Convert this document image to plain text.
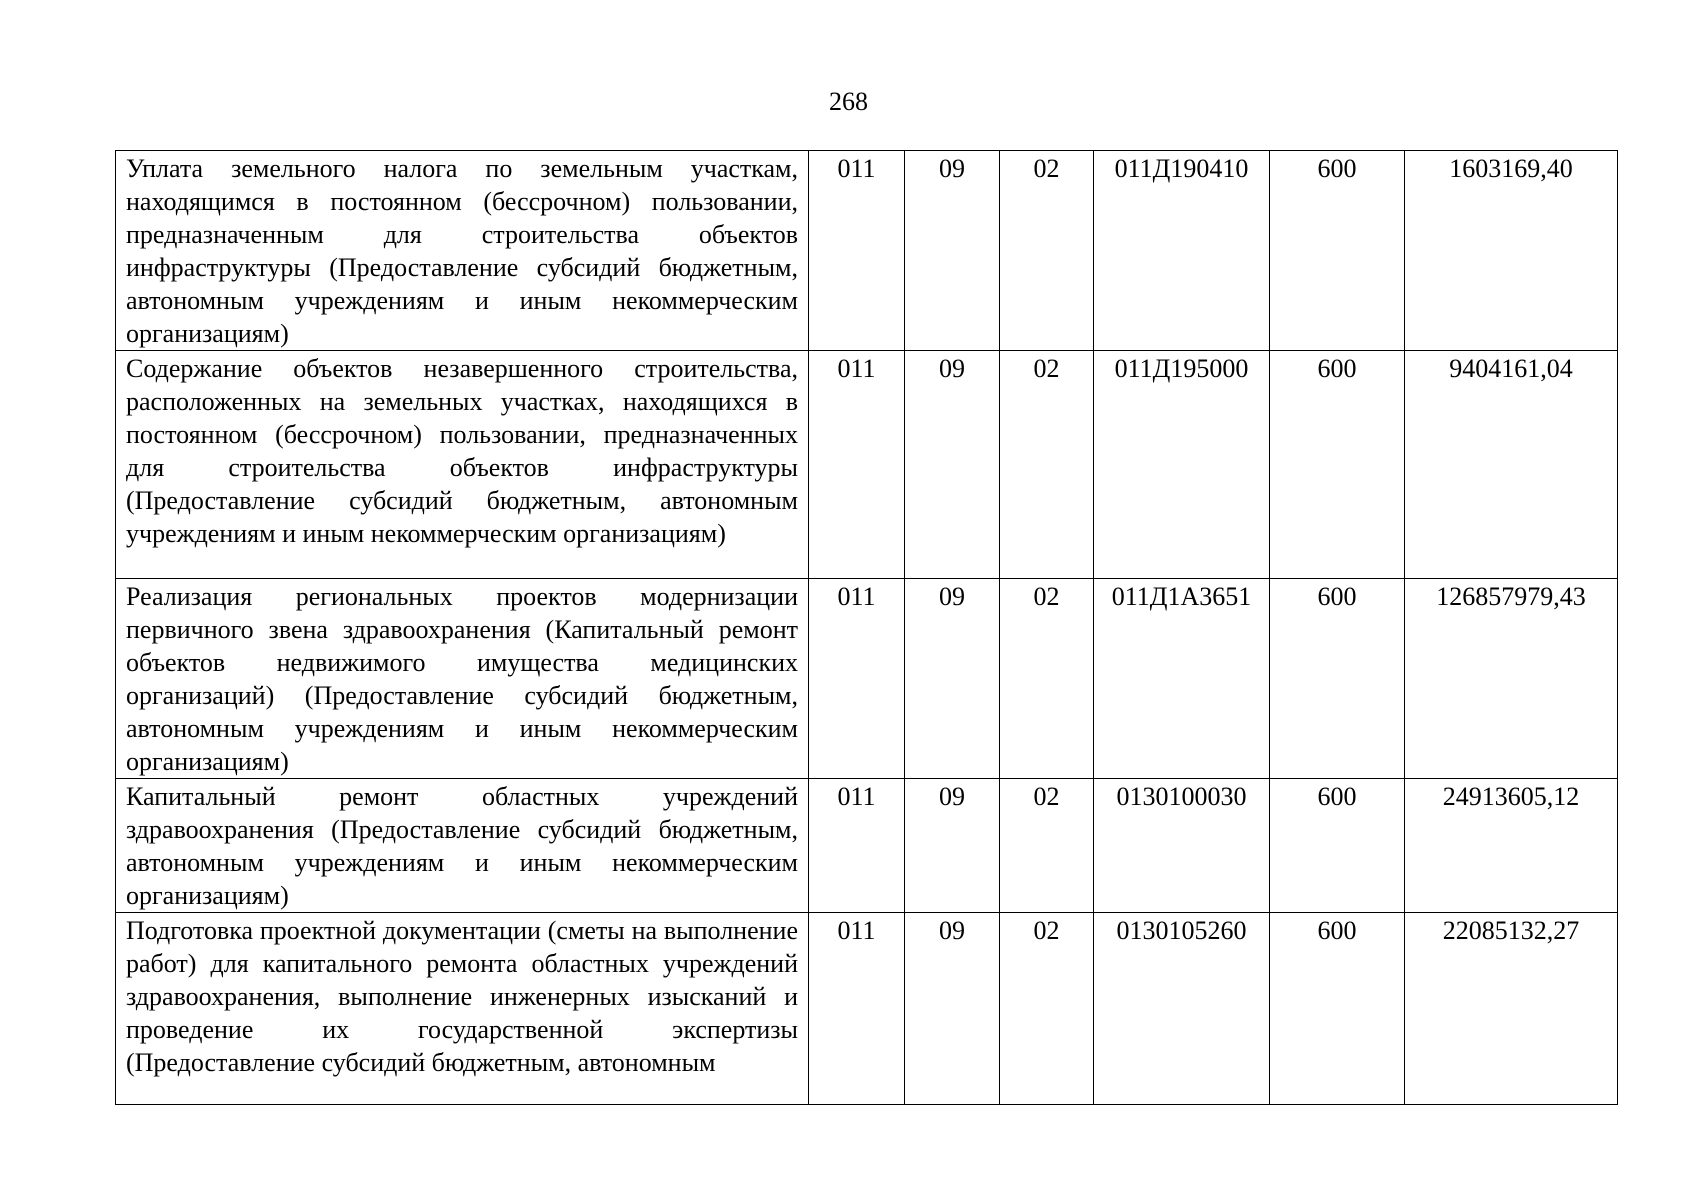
268
Уплата земельного налога по земельным участкам, находящимся в постоянном (бессрочном) пользовании, предназначенным для строительства объектов инфраструктуры (Предоставление субсидий бюджетным, автономным учреждениям и иным некоммерческим организациям)	011	09	02	011Д190410	600	1603169,40
Содержание объектов незавершенного строительства, расположенных на земельных участках, находящихся в постоянном (бессрочном) пользовании, предназначенных для строительства объектов инфраструктуры (Предоставление субсидий бюджетным, автономным учреждениям и иным некоммерческим организациям)	011	09	02	011Д195000	600	9404161,04
Реализация региональных проектов модернизации первичного звена здравоохранения (Капитальный ремонт объектов недвижимого имущества медицинских организаций) (Предоставление субсидий бюджетным, автономным учреждениям и иным некоммерческим организациям)	011	09	02	011Д1А3651	600	126857979,43
Капитальный ремонт областных учреждений здравоохранения (Предоставление субсидий бюджетным, автономным учреждениям и иным некоммерческим организациям)	011	09	02	0130100030	600	24913605,12
Подготовка проектной документации (сметы на выполнение работ) для капитального ремонта областных учреждений здравоохранения, выполнение инженерных изысканий и проведение их государственной экспертизы (Предоставление субсидий бюджетным, автономным	011	09	02	0130105260	600	22085132,27
